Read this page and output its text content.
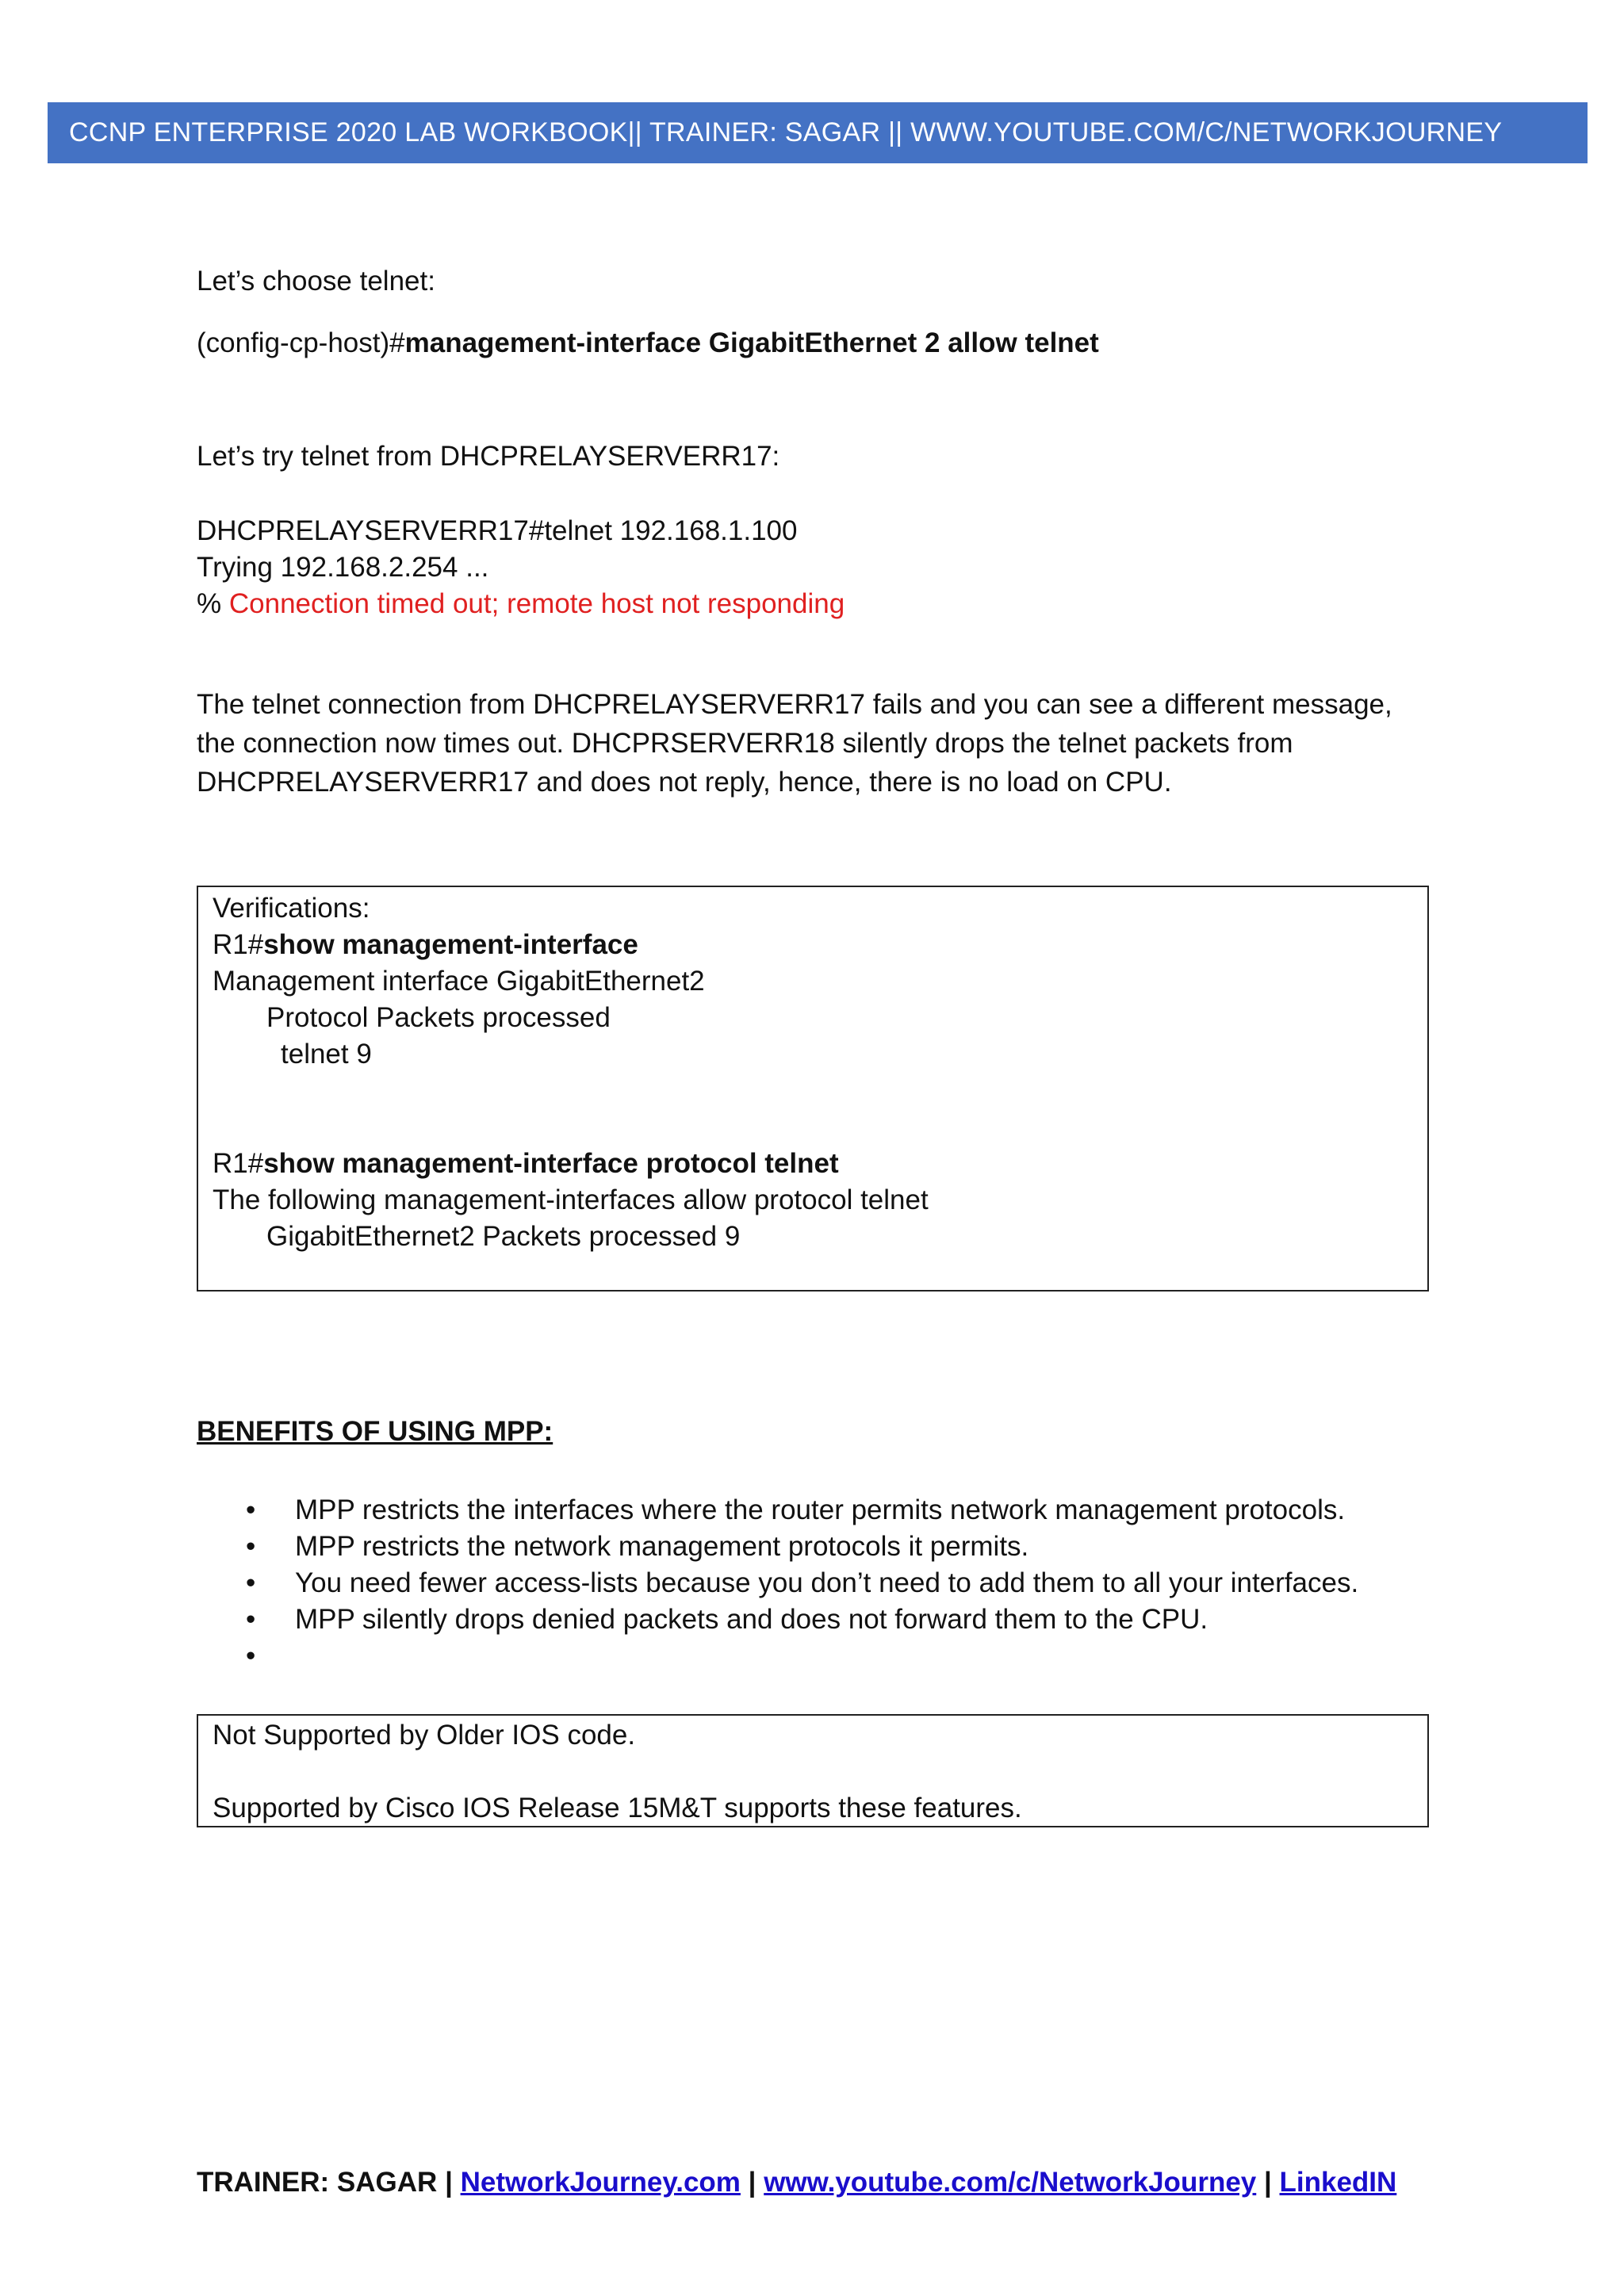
CCNP ENTERPRISE 2020 LAB WORKBOOK|| TRAINER: SAGAR || WWW.YOUTUBE.COM/C/NETWORKJOURNEY
Let’s choose telnet:
(config-cp-host)#management-interface GigabitEthernet 2 allow telnet
Let’s try telnet from DHCPRELAYSERVERR17:
DHCPRELAYSERVERR17#telnet 192.168.1.100
Trying 192.168.2.254 ...
% Connection timed out; remote host not responding
The telnet connection from DHCPRELAYSERVERR17 fails and you can see a different message, the connection now times out. DHCPRSERVERR18 silently drops the telnet packets from DHCPRELAYSERVERR17 and does not reply, hence, there is no load on CPU.
Verifications:
R1#show management-interface
Management interface GigabitEthernet2
Protocol Packets processed
telnet 9
R1#show management-interface protocol telnet
The following management-interfaces allow protocol telnet
GigabitEthernet2 Packets processed 9
BENEFITS OF USING MPP:
• MPP restricts the interfaces where the router permits network management protocols.
• MPP restricts the network management protocols it permits.
• You need fewer access-lists because you don’t need to add them to all your interfaces.
• MPP silently drops denied packets and does not forward them to the CPU.
•
Not Supported by Older IOS code.
Supported by Cisco IOS Release 15M&T supports these features.
TRAINER: SAGAR | NetworkJourney.com | www.youtube.com/c/NetworkJourney | LinkedIN
